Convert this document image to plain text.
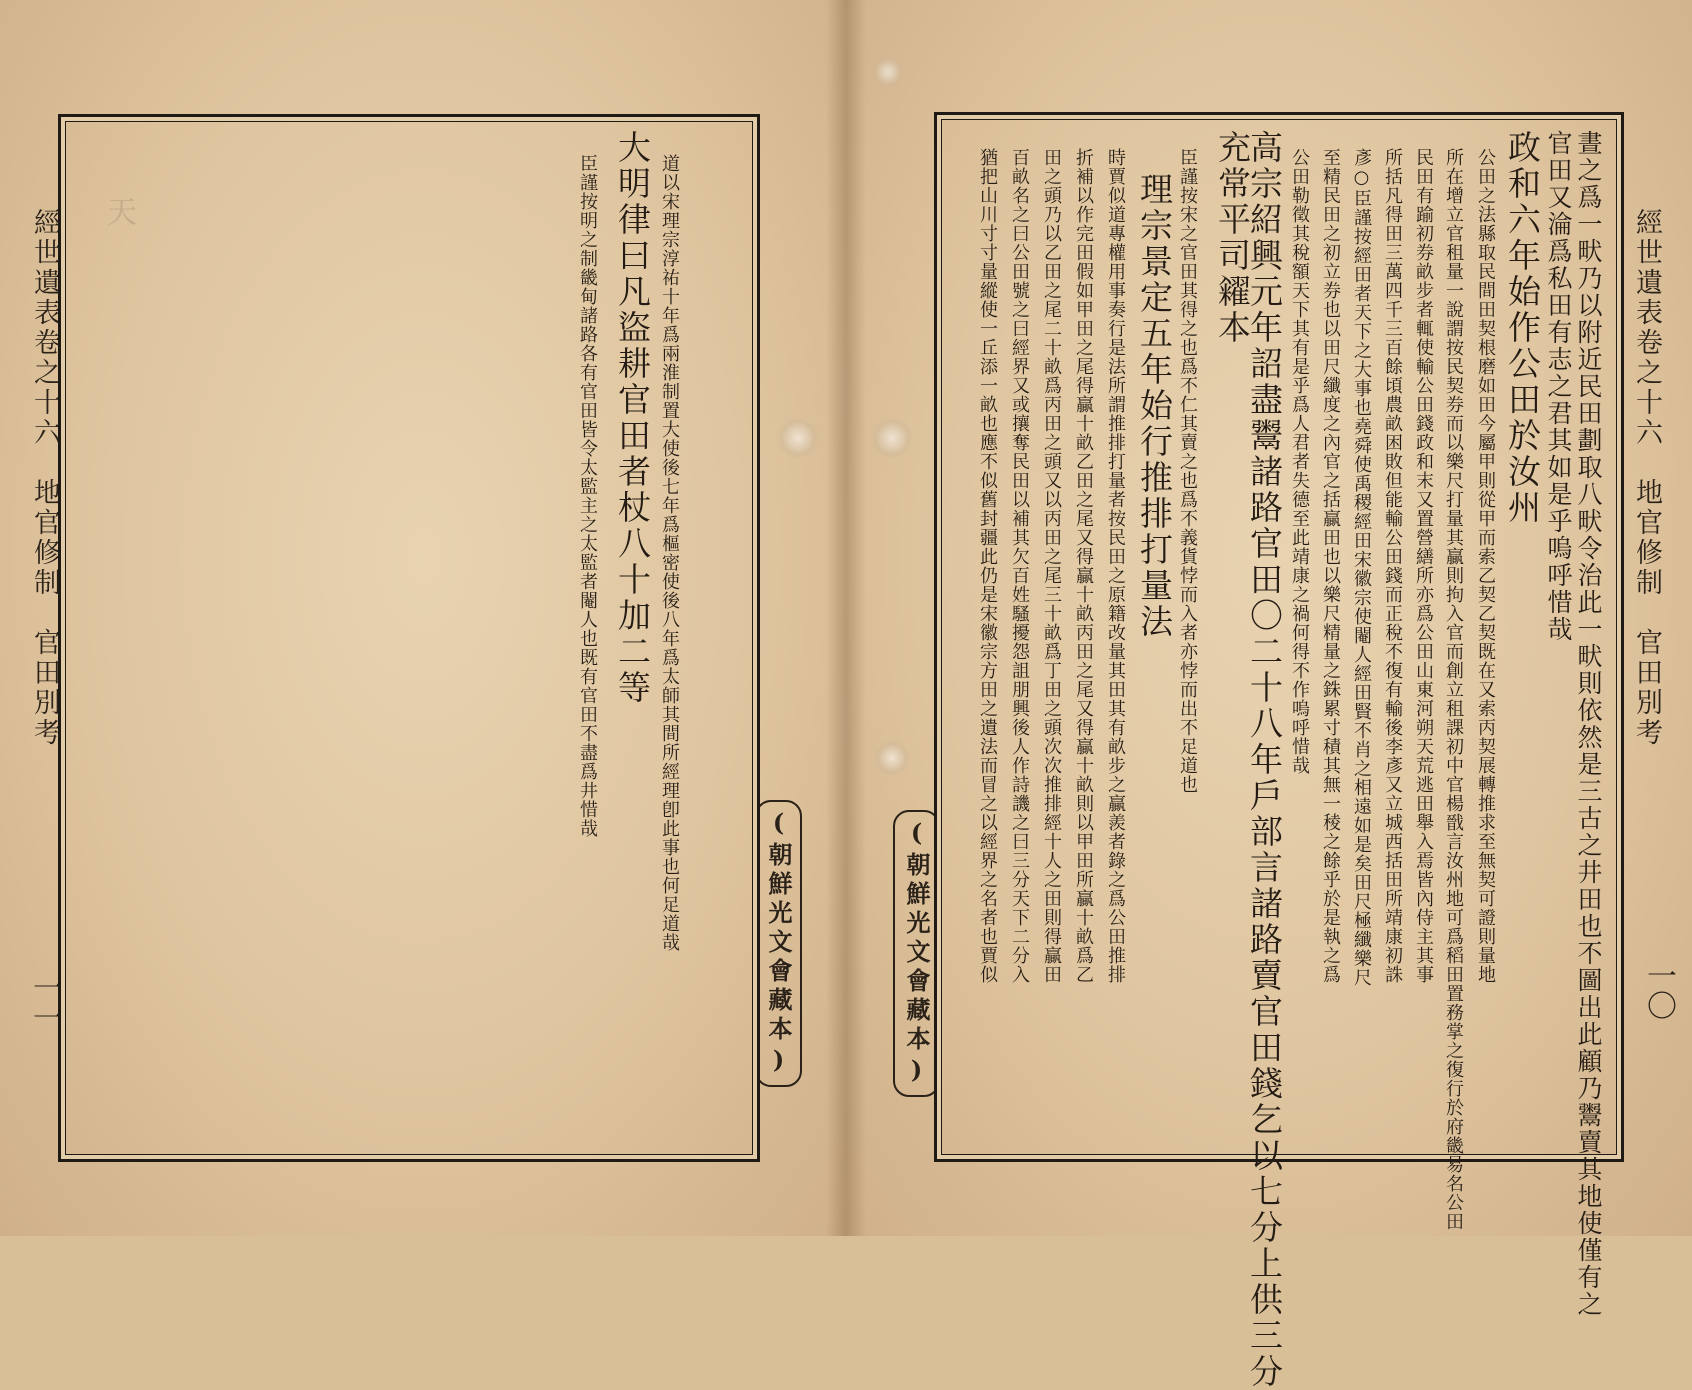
經世遺表卷之十六　地官修制　官田別考
一〇
經世遺表卷之十六　地官修制　官田別考
一一	(朝鮮光文會藏本)	(朝鮮光文會藏本)
天	晝之爲一畎乃以附近民田劃取八畎令治此一畎則依然是三古之井田也不圖出此顧乃鬻賣其地使僅有之
官田又淪爲私田有志之君其如是乎嗚呼惜哉
政和六年始作公田於汝州
公田之法縣取民間田契根磨如田今屬甲則從甲而索乙契乙契既在又索丙契展轉推求至無契可證則量地
所在增立官租量一說謂按民契券而以樂尺打量其贏則拘入官而創立租課初中官楊戩言汝州地可爲稻田置務掌之復行於府畿易名公田
民田有踰初券畝步者輒使輸公田錢政和末又置營繕所亦爲公田山東河朔天荒逃田舉入焉皆內侍主其事
所括凡得田三萬四千三百餘頃農畝困敗但能輸公田錢而正稅不復有輸後李彥又立城西括田所靖康初誅
彥○臣謹按經田者天下之大事也堯舜使禹稷經田宋徽宗使閹人經田賢不肖之相遠如是矣田尺極纖樂尺
至精民田之初立券也以田尺纖度之內官之括贏田也以樂尺精量之銖累寸積其無一稜之餘乎於是執之爲
公田勒徵其稅額天下其有是乎爲人君者失德至此靖康之禍何得不作嗚呼惜哉
高宗紹興元年詔盡鬻諸路官田〇二十八年戶部言諸路賣官田錢乞以七分上供三分
充常平司糴本
臣謹按宋之官田其得之也爲不仁其賣之也爲不義貨悖而入者亦悖而出不足道也
理宗景定五年始行推排打量法
時賈似道專權用事奏行是法所謂推排打量者按民田之原籍改量其田其有畝步之贏羨者錄之爲公田推排
折補以作完田假如甲田之尾得贏十畝乙田之尾又得贏十畝丙田之尾又得贏十畝則以甲田所贏十畝爲乙
田之頭乃以乙田之尾二十畝爲丙田之頭又以丙田之尾三十畝爲丁田之頭次次推排經十人之田則得贏田
百畝名之曰公田號之曰經界又或攘奪民田以補其欠百姓騷擾怨詛朋興後人作詩譏之曰三分天下二分入
猶把山川寸寸量縱使一丘添一畝也應不似舊封疆此仍是宋徽宗方田之遺法而冒之以經界之名者也賈似
道以宋理宗淳祐十年爲兩淮制置大使後七年爲樞密使後八年爲太師其間所經理卽此事也何足道哉
大明律曰凡盜耕官田者杖八十加二等
臣謹按明之制畿甸諸路各有官田皆令太監主之太監者閹人也既有官田不盡爲井惜哉
